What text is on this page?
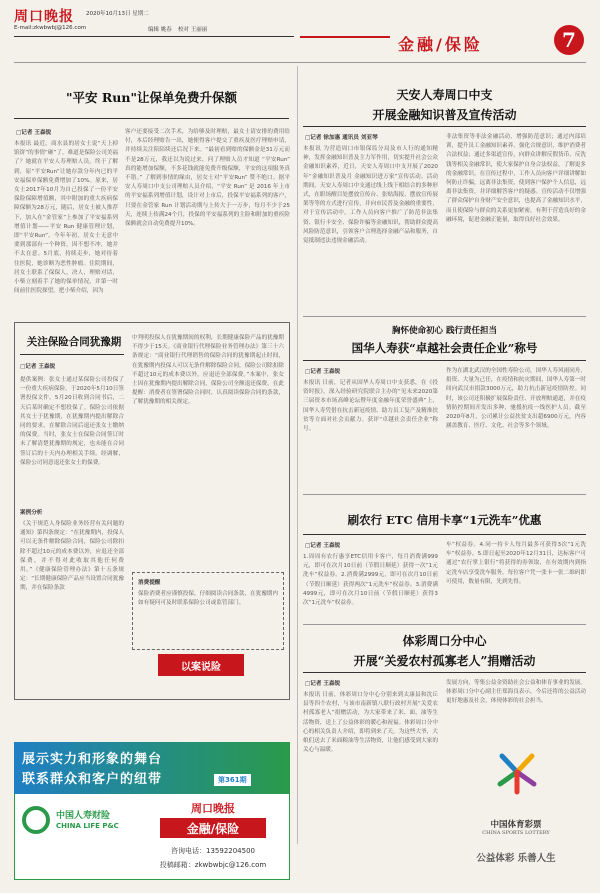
周口晚报 2020年10月13日 星期二
E-mail:zkwbwbj@126.com	编辑 姚春 校对 王丽丽
金融/保险	7
"平安 Run"让保单免费升保额
□记者 王森锐
本报讯 最近，商水县的居女士说“天上掉馅饼”的事情“砸”了，难道是保险公司美福了？她就在平安人寿理赔人员，终于了解到，原“平安Run”让她存款分年内已的平安福保单保额免费增加了10%。原来，居女士2017年10月为自己投保了一份平安保险保障增值额，其中附加的重大疾病保障保额为28万元，随后，居女士被人推荐下，加入在“金管家”上参加了平安福系列增值计划——平安 Run 健康管理计划，即“平安Run”。今年年初，居女士无意中要到那部有一个种资，因不想不冲，她并不太在意。5月底，持续走步，她对待着往医院，她诊断为恶性肿瘤。住院期间，居女士联系了保保人，决人，理赔对话，小柴立刻着手了她的保单情况，并第一时间前往医院探望，把小柴介绍，因为
客户还要接受二次手术，为给够及时理赔，最女士请安排的费用给付，本后经理赔告一出，她便得客户提交了重疾及医疗理赔申请，并持续关注陪陪续还后况下来。“最初看到赔的保额金是31万元而不是28万元，我还以为说过来，问了理赔人员才知道 “平安Run” 真的能增加保额，不多花钱就能免费升级保额，平安的这项服务真不错。” 了解到事情的缘由，居女士对“平安Run” 赞不绝口。据平安人寿周口中支公司理赔人员介绍，“平安 Run” 是 2016 年上市的平安福系列增值计划，设计对上市后，投保平安福系列的客户，只要在金管家 Run 计划活动期与上传大于一万步，每月不少于25天，连续上传满24个月，投保的平安福系列的主险和附加的重疾险保额就会自动免费提升10%。
天安人寿周口中支
开展金融知识普及宣传活动
□记者 徐加惠 通讯员 刘亚琴
本报讯 为营造周口市银保监分局及市人行的通知精神，发挥金融知识普及主力军作用，切实提升社会公众金融知识素养，近日，天安人寿周口中支开展了2020年“金融知识普及月 金融知识进万家”宣传活动。活动期间，天安人寿周口中支通过线上线下相结合的多种形式，在职场醒目处摆放宣传台、张贴海报、摆放宣传展架等等的方式进行宣传，并向市民普及金融的重要性，对于宣传活动中，工作人员向客户推广了防范非法集资、银行卡安全、保险诈骗等金融知识，帮助群众提高风险防范意识，引领客户合理选择金融产品和服务，自觉抵制违法违规金融活动。
非法集资等非法金融活动，增强防范意识；通过内部培训，提升员工金融知识素养，强化合规意识，维护消费者合法权益；通过多渠道宣传，向群众讲解反假货币、反洗钱等相关金融常识，使大家保护自身合法权益，了解更多的金融常识。在宣传过程中，工作人员向客户详细讲解如何防止诈骗，远离非法集资，使到客户保护个人信息，远离非法集资，并详细解答客户的疑惑。宣传活动不仅增强了群众保护自身财产安全意识，也提高了金融知识水平，而且使保险与群众的关系更加紧密，有利于营造良好的金融环境，促进金融正能量，取得良好社会效果。
胸怀使命初心 践行责任担当
国华人寿获“卓越社会责任企业”称号
□记者 王森锐
本报讯 日前，记者从国华人寿周口中支获悉，在《投资时报》，深入经验研究院联合主办的“见未来2020第三届资本市场高峰论坛暨年度金融年度荣誉盛典”上，国华人寿凭借在抗击新冠疫情、助力员工复产及精准扶贫等方面对社会贡献力。获评“卓越社会责任企业”称号。
作为在湖北武汉的全国性寿险公司，国华人寿风雨同舟，捐资、大量为己任，在疫情和抗灾期间，国华人寿第一时间向武汉市捐款3000万元，助力抗击新冠疫情防控。同时，该公司还积极扩展保险责任、开放理赔通道，并在疫情防控期间开发出多种，驰援抗疫一线医护人员。截至2020年8月，公司累计公益扶贫支出超6900万元，内容涵盖教育、医疗、文化、社会等多个领域。
关注保险合同犹豫期
□记者 王森锐
提供案例：张女士通过某保险公司投保了一份重大疾病保险，于2020年5月10日签署投保文件，5月20日收到合同书后，二天后某时确定不想投保了。保险公司依据其女士于犹豫期，在犹豫期内提出解除合同的要求，在解除合同后退还张女士缴纳的保费。当时，张女士在保险合同签订时未了解清楚犹豫期的规定，也未能在合同签订后的十天内办理相关手续。经调解，保险公司同意退还张女士的保费。
案例分析
《关于规范人身保险业务经营有关问题的通知》第四条规定：“在犹豫期内，投保人可以无条件解除保险合同，保险公司除扣除不超过10元的成本费以外，应退还全部保费，并不得对此收取其他任何费用。”《健康保险管理办法》第十五条规定：“长期健康保险产品应当设置合同犹豫期，并在保险条款
中判明投保人在犹豫期间的权利，长期健康保险产品的犹豫期不得少于15天。《商业银行代理保险业务管理办法》第三十六条规定：“商业银行代理销售的保险合同的犹豫期起止时间，在犹豫期内投保人可以无条件解除保险合同，保险公司除扣除不超过10元的成本费以外，应退还全部保费。”本案中，张女士因在犹豫期内提出解除合同，保险公司全额退还保费。在此提醒：消费者在签署保险合同时，认真阅读保险合同的条款，了解犹豫期的相关规定。
消费提醒
保险消费者应谨慎投保，仔细阅读合同条款，在犹豫期内如有疑问可及时联系保险公司或监管部门。
以案说险
刷农行 ETC 信用卡享“1元洗车”优惠
□记者 王森锐
1.周周有农行惠享ETC信用卡客户，每月消费满999元，即可在次月10日前（节假日顺延）获得一次“1元洗车”权益券。2.消费满2999元，即可在次月10日前（节假日顺延）获得两次“1元洗车”权益券。3.消费满4999元，即可在次月10日前（节假日顺延）获得3次“1元洗车”权益券。
车”权益券。4.同一持卡人每月最多可获得3次“1元洗车”权益券。5.即日起至2020年12月31日，达标客户可通过“农行掌上银行”将获得的券领取，在有效期内到指定洗车店享受洗车服务，每位客户凭一张卡一张二维码即可使用，数量有限，先到先得。
体彩周口分中心
开展“关爱农村孤寡老人”捐赠活动
□记者 王森锐
本报讯 日前，体彩周口分中心分别来到太康县和沈丘县等四个农村，与该市南新镇八联行政村开展“关爱农村孤寡老人”捐赠活动，为大家带来了米、面、油等生活物资，送上了公益体彩的暖心和祝福。体彩周口分中心的相关负责人介绍，即将到来了天，为这些大爷，大娘们送去了米面粮油等生活物资，让他们感受到大家的关心与温暖。
发展方向，等集公益金资助社会公益和体育事业的发展。体彩周口分中心副主任郑海良表示，今后还将的公益活动更好地惠及社会，体现体彩的社会担当。
中国体育彩票
CHINA SPORTS LOTTERY
公益体彩 乐善人生
展示实力和形象的舞台
联系群众和客户的纽带	第361期
中国人寿财险
CHINA LIFE P&C
周口晚报
金融/保险
咨询电话：13592204500
投稿邮箱：zkwbwbjc@126.com
